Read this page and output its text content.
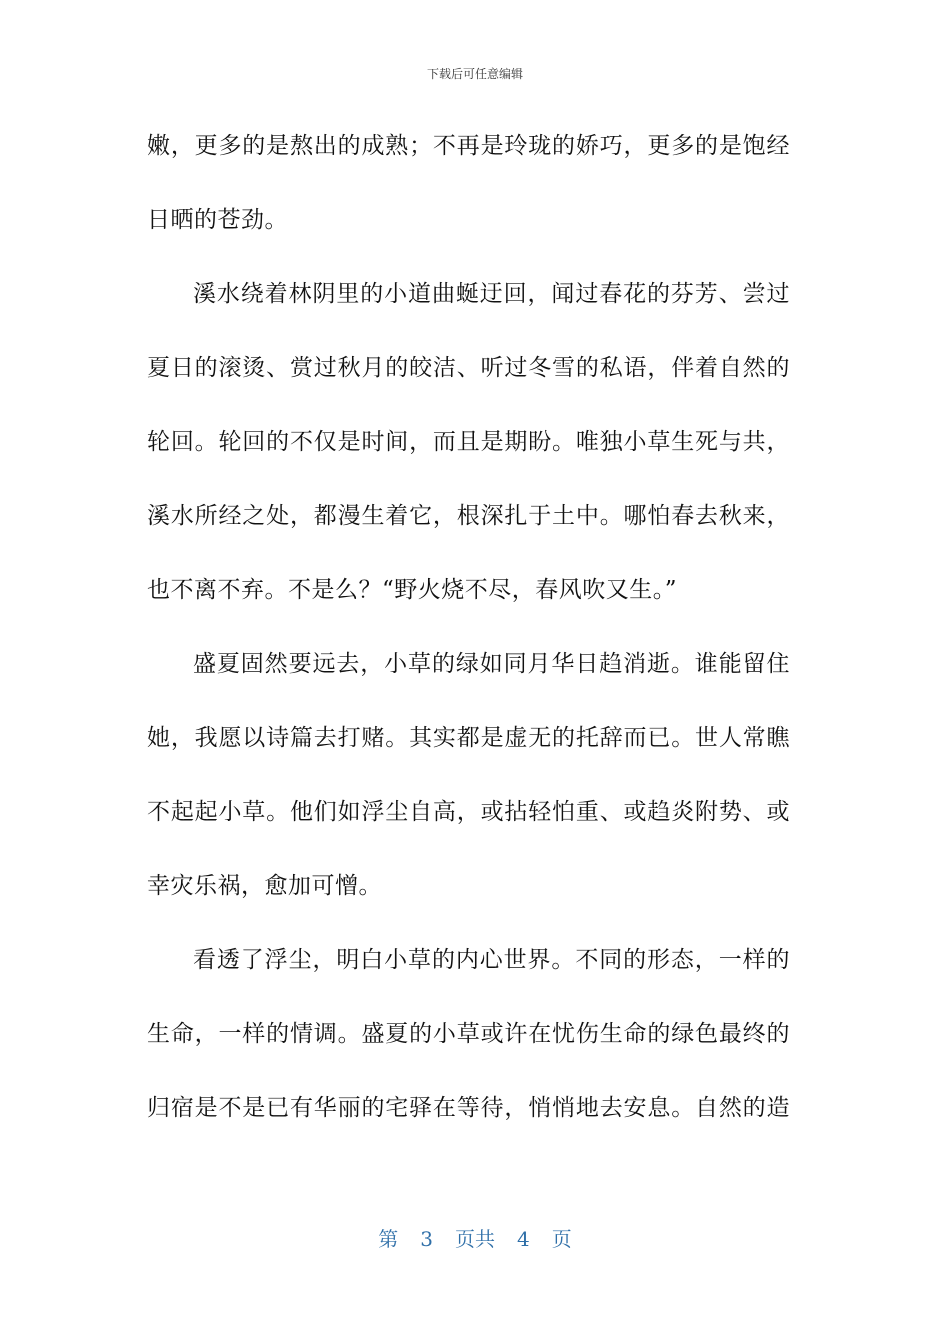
下载后可任意编辑
嫩，更多的是熬出的成熟；不再是玲珑的娇巧，更多的是饱经
日晒的苍劲。
溪水绕着林阴里的小道曲蜒迂回，闻过春花的芬芳、尝过
夏日的滚烫、赏过秋月的皎洁、听过冬雪的私语，伴着自然的
轮回。轮回的不仅是时间，而且是期盼。唯独小草生死与共，
溪水所经之处，都漫生着它，根深扎于土中。哪怕春去秋来，
也不离不弃。不是么？“野火烧不尽，春风吹又生。”
盛夏固然要远去，小草的绿如同月华日趋消逝。谁能留住
她，我愿以诗篇去打赌。其实都是虚无的托辞而已。世人常瞧
不起起小草。他们如浮尘自高，或拈轻怕重、或趋炎附势、或
幸灾乐祸，愈加可憎。
看透了浮尘，明白小草的内心世界。不同的形态，一样的
生命，一样的情调。盛夏的小草或许在忧伤生命的绿色最终的
归宿是不是已有华丽的宅驿在等待，悄悄地去安息。自然的造
第 3 页共 4 页
